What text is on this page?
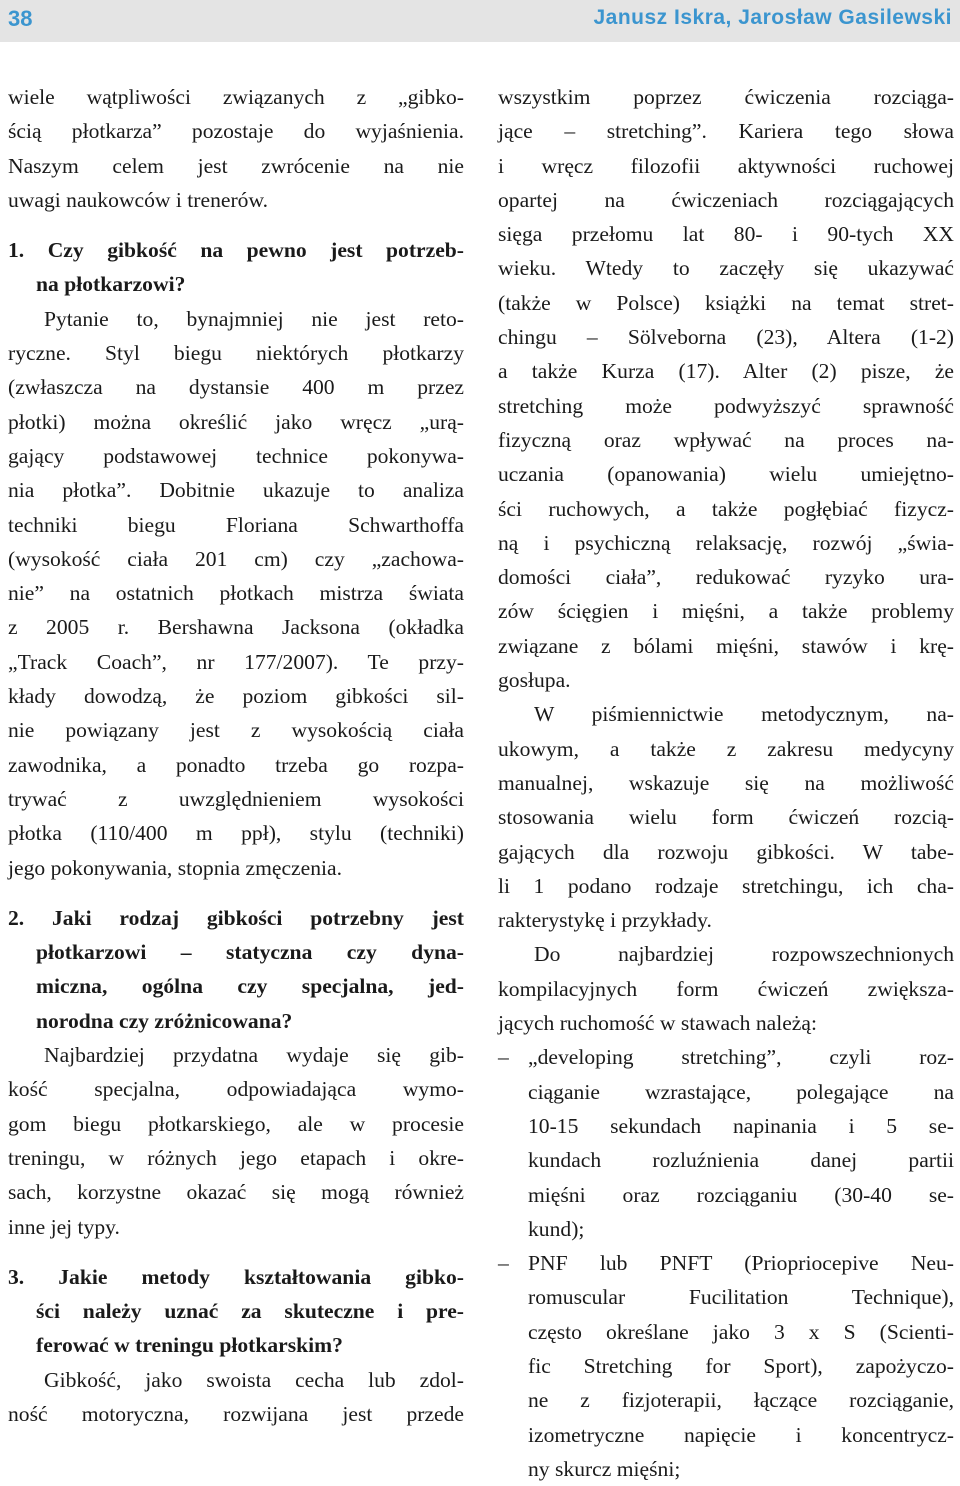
38	Janusz Iskra, Jarosław Gasilewski
wiele wątpliwości związanych z „gibko-
ścią płotkarza” pozostaje do wyjaśnienia.
Naszym celem jest zwrócenie na nie
uwagi naukowców i trenerów.
1. Czy gibkość na pewno jest potrzeb-
na płotkarzowi?
Pytanie to, bynajmniej nie jest reto-
ryczne. Styl biegu niektórych płotkarzy
(zwłaszcza na dystansie 400 m przez
płotki) można określić jako wręcz „urą-
gający podstawowej technice pokonywa-
nia płotka”. Dobitnie ukazuje to analiza
techniki biegu Floriana Schwarthoffa
(wysokość ciała 201 cm) czy „zachowa-
nie” na ostatnich płotkach mistrza świata
z 2005 r. Bershawna Jacksona (okładka
„Track Coach”, nr 177/2007). Te przy-
kłady dowodzą, że poziom gibkości sil-
nie powiązany jest z wysokością ciała
zawodnika, a ponadto trzeba go rozpa-
trywać z uwzględnieniem wysokości
płotka (110/400 m ppł), stylu (techniki)
jego pokonywania, stopnia zmęczenia.
2. Jaki rodzaj gibkości potrzebny jest
płotkarzowi – statyczna czy dyna-
miczna, ogólna czy specjalna, jed-
norodna czy zróżnicowana?
Najbardziej przydatna wydaje się gib-
kość specjalna, odpowiadająca wymo-
gom biegu płotkarskiego, ale w procesie
treningu, w różnych jego etapach i okre-
sach, korzystne okazać się mogą również
inne jej typy.
3. Jakie metody kształtowania gibko-
ści należy uznać za skuteczne i pre-
ferować w treningu płotkarskim?
Gibkość, jako swoista cecha lub zdol-
ność motoryczna, rozwijana jest przede
wszystkim poprzez ćwiczenia rozciąga-
jące – stretching”. Kariera tego słowa
i wręcz filozofii aktywności ruchowej
opartej na ćwiczeniach rozciągających
sięga przełomu lat 80- i 90-tych XX
wieku. Wtedy to zaczęły się ukazywać
(także w Polsce) książki na temat stret-
chingu – Sölveborna (23), Altera (1-2)
a także Kurza (17). Alter (2) pisze, że
stretching może podwyższyć sprawność
fizyczną oraz wpływać na proces na-
uczania (opanowania) wielu umiejętno-
ści ruchowych, a także pogłębiać fizycz-
ną i psychiczną relaksację, rozwój „świa-
domości ciała”, redukować ryzyko ura-
zów ścięgien i mięśni, a także problemy
związane z bólami mięśni, stawów i krę-
gosłupa.
W piśmiennictwie metodycznym, na-
ukowym, a także z zakresu medycyny
manualnej, wskazuje się na możliwość
stosowania wielu form ćwiczeń rozcią-
gających dla rozwoju gibkości. W tabe-
li 1 podano rodzaje stretchingu, ich cha-
rakterystykę i przykłady.
Do najbardziej rozpowszechnionych
kompilacyjnych form ćwiczeń zwiększa-
jących ruchomość w stawach należą:
– „developing stretching”, czyli roz-
ciąganie wzrastające, polegające na
10-15 sekundach napinania i 5 se-
kundach rozluźnienia danej partii
mięśni oraz rozciąganiu (30-40 se-
kund);
– PNF lub PNFT (Priopriocepive Neu-
romuscular Fucilitation Technique),
często określane jako 3 x S (Scienti-
fic Stretching for Sport), zapożyczo-
ne z fizjoterapii, łączące rozciąganie,
izometryczne napięcie i koncentrycz-
ny skurcz mięśni;
